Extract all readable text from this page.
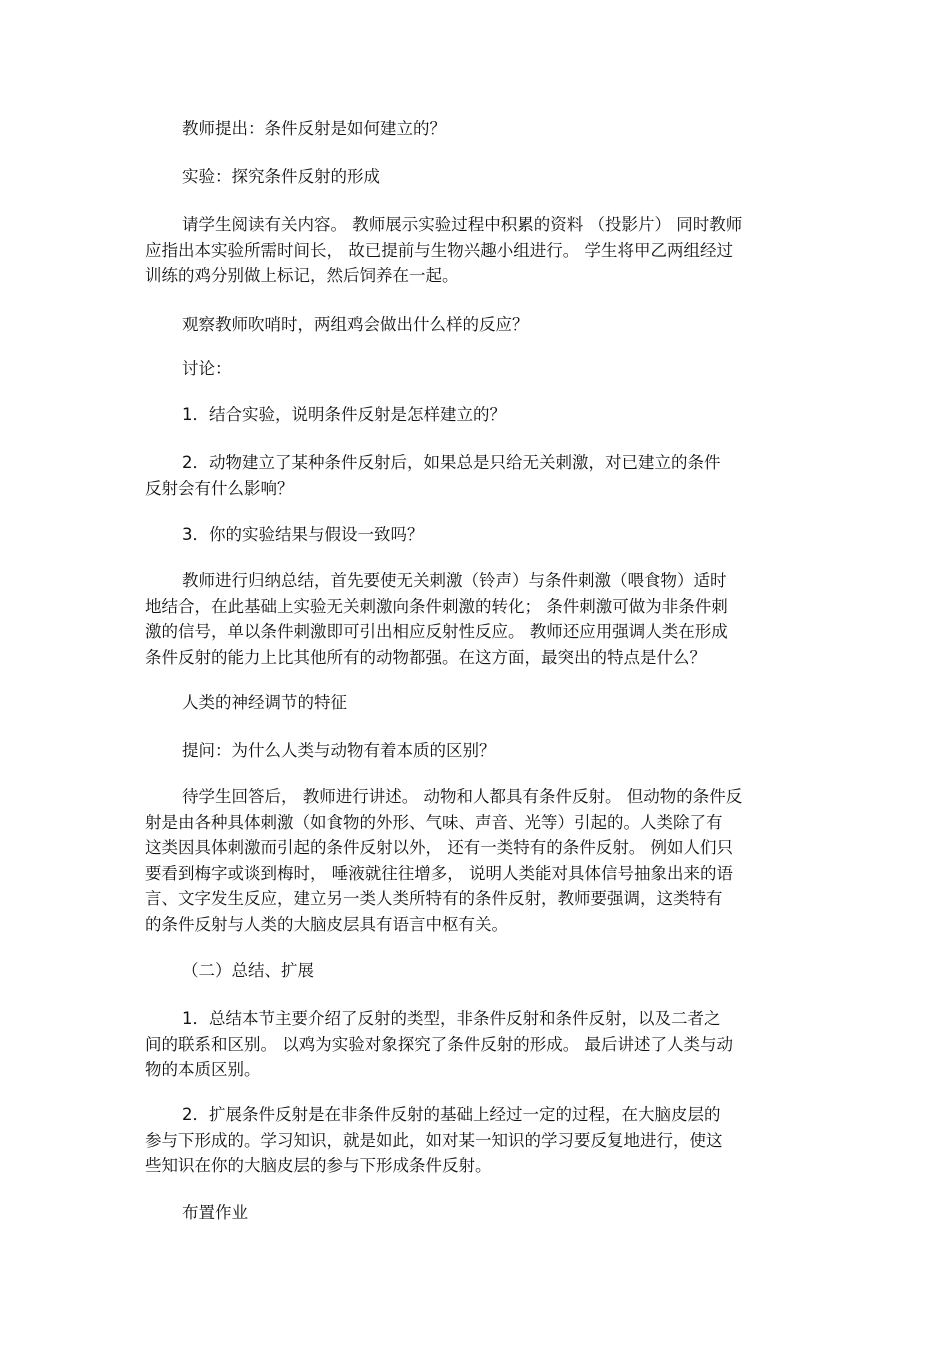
教师提出：条件反射是如何建立的？
实验：探究条件反射的形成
请学生阅读有关内容。 教师展示实验过程中积累的资料 （投影片） 同时教师
应指出本实验所需时间长， 故已提前与生物兴趣小组进行。 学生将甲乙两组经过
训练的鸡分别做上标记，然后饲养在一起。
观察教师吹哨时，两组鸡会做出什么样的反应？
讨论：
1．结合实验，说明条件反射是怎样建立的？
2．动物建立了某种条件反射后，如果总是只给无关刺激，对已建立的条件
反射会有什么影响？
3．你的实验结果与假设一致吗？
教师进行归纳总结，首先要使无关刺激（铃声）与条件刺激（喂食物）适时
地结合，在此基础上实验无关刺激向条件刺激的转化； 条件刺激可做为非条件刺
激的信号，单以条件刺激即可引出相应反射性反应。 教师还应用强调人类在形成
条件反射的能力上比其他所有的动物都强。在这方面，最突出的特点是什么？
人类的神经调节的特征
提问：为什么人类与动物有着本质的区别？
待学生回答后， 教师进行讲述。 动物和人都具有条件反射。 但动物的条件反
射是由各种具体刺激（如食物的外形、气味、声音、光等）引起的。人类除了有
这类因具体刺激而引起的条件反射以外， 还有一类特有的条件反射。 例如人们只
要看到梅字或谈到梅时， 唾液就往往增多， 说明人类能对具体信号抽象出来的语
言、文字发生反应，建立另一类人类所特有的条件反射，教师要强调，这类特有
的条件反射与人类的大脑皮层具有语言中枢有关。
（二）总结、扩展
1．总结本节主要介绍了反射的类型，非条件反射和条件反射，以及二者之
间的联系和区别。 以鸡为实验对象探究了条件反射的形成。 最后讲述了人类与动
物的本质区别。
2．扩展条件反射是在非条件反射的基础上经过一定的过程，在大脑皮层的
参与下形成的。学习知识，就是如此，如对某一知识的学习要反复地进行，使这
些知识在你的大脑皮层的参与下形成条件反射。
布置作业
